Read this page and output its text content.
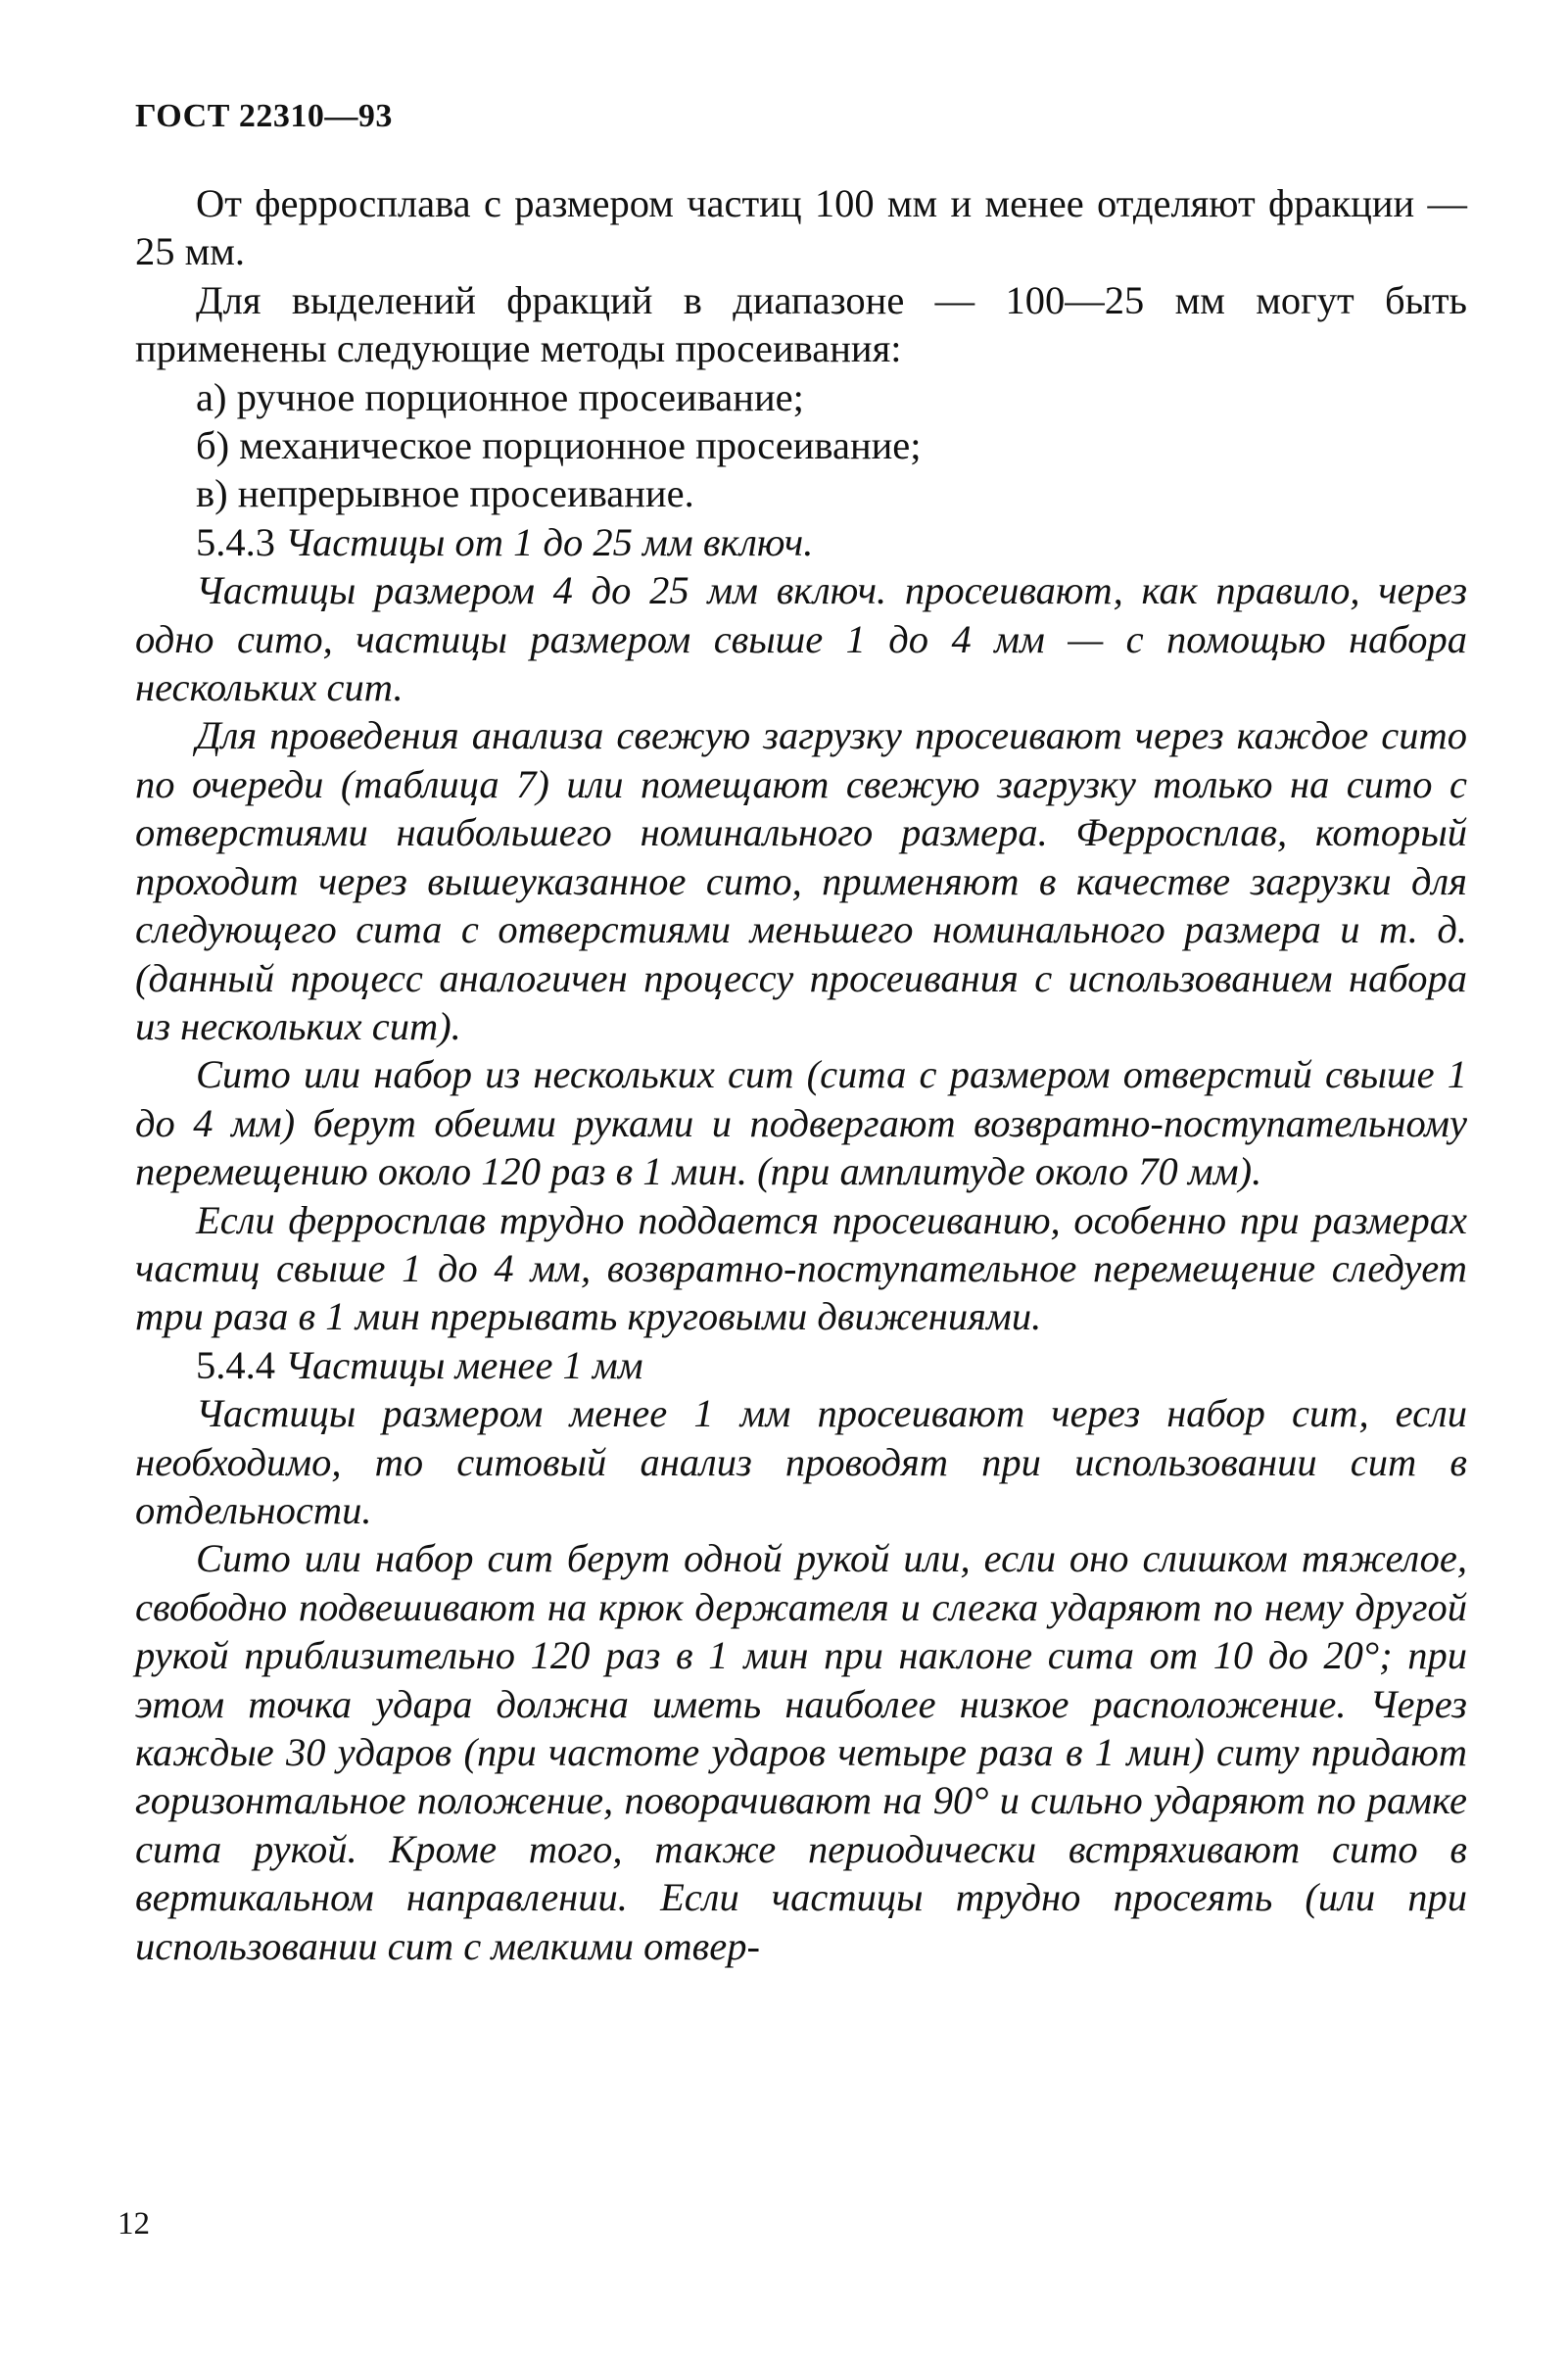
ГОСТ 22310—93

От ферросплава с размером частиц 100 мм и менее отделяют фракции — 25 мм.

Для выделений фракций в диапазоне — 100—25 мм могут быть применены следующие методы просеивания:

а) ручное порционное просеивание;

б) механическое порционное просеивание;

в) непрерывное просеивание.

5.4.3 Частицы от 1 до 25 мм включ.

Частицы размером 4 до 25 мм включ. просеивают, как правило, через одно сито, частицы размером свыше 1 до 4 мм — с помощью набора нескольких сит.

Для проведения анализа свежую загрузку просеивают через каждое сито по очереди (таблица 7) или помещают свежую загрузку только на сито с отверстиями наибольшего номинального размера. Ферросплав, который проходит через вышеуказанное сито, применяют в качестве загрузки для следующего сита с отверстиями меньшего номинального размера и т. д. (данный процесс аналогичен процессу просеивания с использованием набора из нескольких сит).

Сито или набор из нескольких сит (сита с размером отверстий свыше 1 до 4 мм) берут обеими руками и подвергают возвратно-поступательному перемещению около 120 раз в 1 мин. (при амплитуде около 70 мм).

Если ферросплав трудно поддается просеиванию, особенно при размерах частиц свыше 1 до 4 мм, возвратно-поступательное перемещение следует три раза в 1 мин прерывать круговыми движениями.

5.4.4 Частицы менее 1 мм

Частицы размером менее 1 мм просеивают через набор сит, если необходимо, то ситовый анализ проводят при использовании сит в отдельности.

Сито или набор сит берут одной рукой или, если оно слишком тяжелое, свободно подвешивают на крюк держателя и слегка ударяют по нему другой рукой приблизительно 120 раз в 1 мин при наклоне сита от 10 до 20°; при этом точка удара должна иметь наиболее низкое расположение. Через каждые 30 ударов (при частоте ударов четыре раза в 1 мин) ситу придают горизонтальное положение, поворачивают на 90° и сильно ударяют по рамке сита рукой. Кроме того, также периодически встряхивают сито в вертикальном направлении. Если частицы трудно просеять (или при использовании сит с мелкими отвер-

12
